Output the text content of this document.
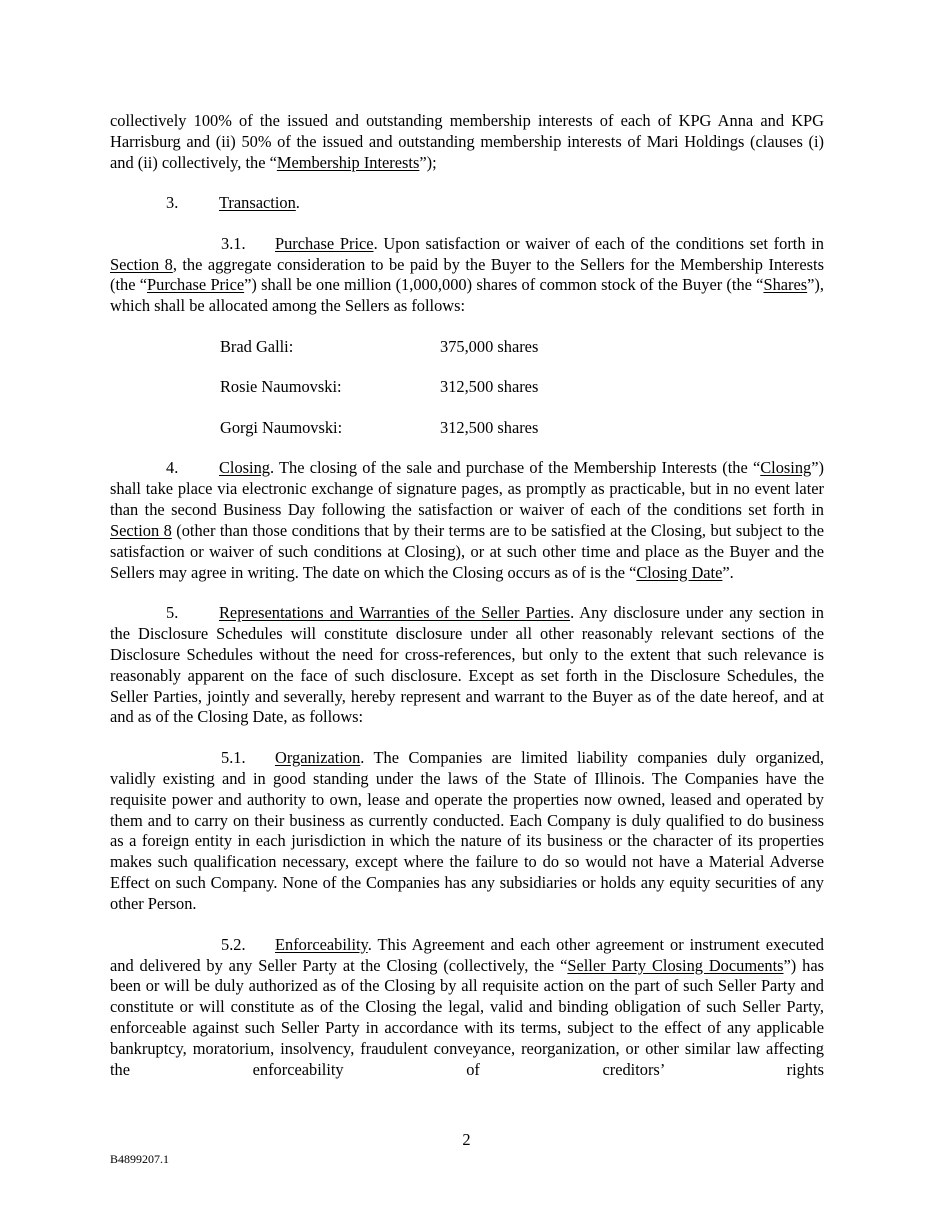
collectively 100% of the issued and outstanding membership interests of each of KPG Anna and KPG Harrisburg and (ii) 50% of the issued and outstanding membership interests of Mari Holdings (clauses (i) and (ii) collectively, the “Membership Interests”);

3. Transaction.

3.1. Purchase Price. Upon satisfaction or waiver of each of the conditions set forth in Section 8, the aggregate consideration to be paid by the Buyer to the Sellers for the Membership Interests (the “Purchase Price”) shall be one million (1,000,000) shares of common stock of the Buyer (the “Shares”), which shall be allocated among the Sellers as follows:

Brad Galli:	375,000 shares
Rosie Naumovski:	312,500 shares
Gorgi Naumovski:	312,500 shares

4. Closing. The closing of the sale and purchase of the Membership Interests (the “Closing”) shall take place via electronic exchange of signature pages, as promptly as practicable, but in no event later than the second Business Day following the satisfaction or waiver of each of the conditions set forth in Section 8 (other than those conditions that by their terms are to be satisfied at the Closing, but subject to the satisfaction or waiver of such conditions at Closing), or at such other time and place as the Buyer and the Sellers may agree in writing. The date on which the Closing occurs as of is the “Closing Date”.

5. Representations and Warranties of the Seller Parties. Any disclosure under any section in the Disclosure Schedules will constitute disclosure under all other reasonably relevant sections of the Disclosure Schedules without the need for cross-references, but only to the extent that such relevance is reasonably apparent on the face of such disclosure. Except as set forth in the Disclosure Schedules, the Seller Parties, jointly and severally, hereby represent and warrant to the Buyer as of the date hereof, and at and as of the Closing Date, as follows:

5.1. Organization. The Companies are limited liability companies duly organized, validly existing and in good standing under the laws of the State of Illinois. The Companies have the requisite power and authority to own, lease and operate the properties now owned, leased and operated by them and to carry on their business as currently conducted. Each Company is duly qualified to do business as a foreign entity in each jurisdiction in which the nature of its business or the character of its properties makes such qualification necessary, except where the failure to do so would not have a Material Adverse Effect on such Company. None of the Companies has any subsidiaries or holds any equity securities of any other Person.

5.2. Enforceability. This Agreement and each other agreement or instrument executed and delivered by any Seller Party at the Closing (collectively, the “Seller Party Closing Documents”) has been or will be duly authorized as of the Closing by all requisite action on the part of such Seller Party and constitute or will constitute as of the Closing the legal, valid and binding obligation of such Seller Party, enforceable against such Seller Party in accordance with its terms, subject to the effect of any applicable bankruptcy, moratorium, insolvency, fraudulent conveyance, reorganization, or other similar law affecting the enforceability of creditors’ rights

2
B4899207.1
